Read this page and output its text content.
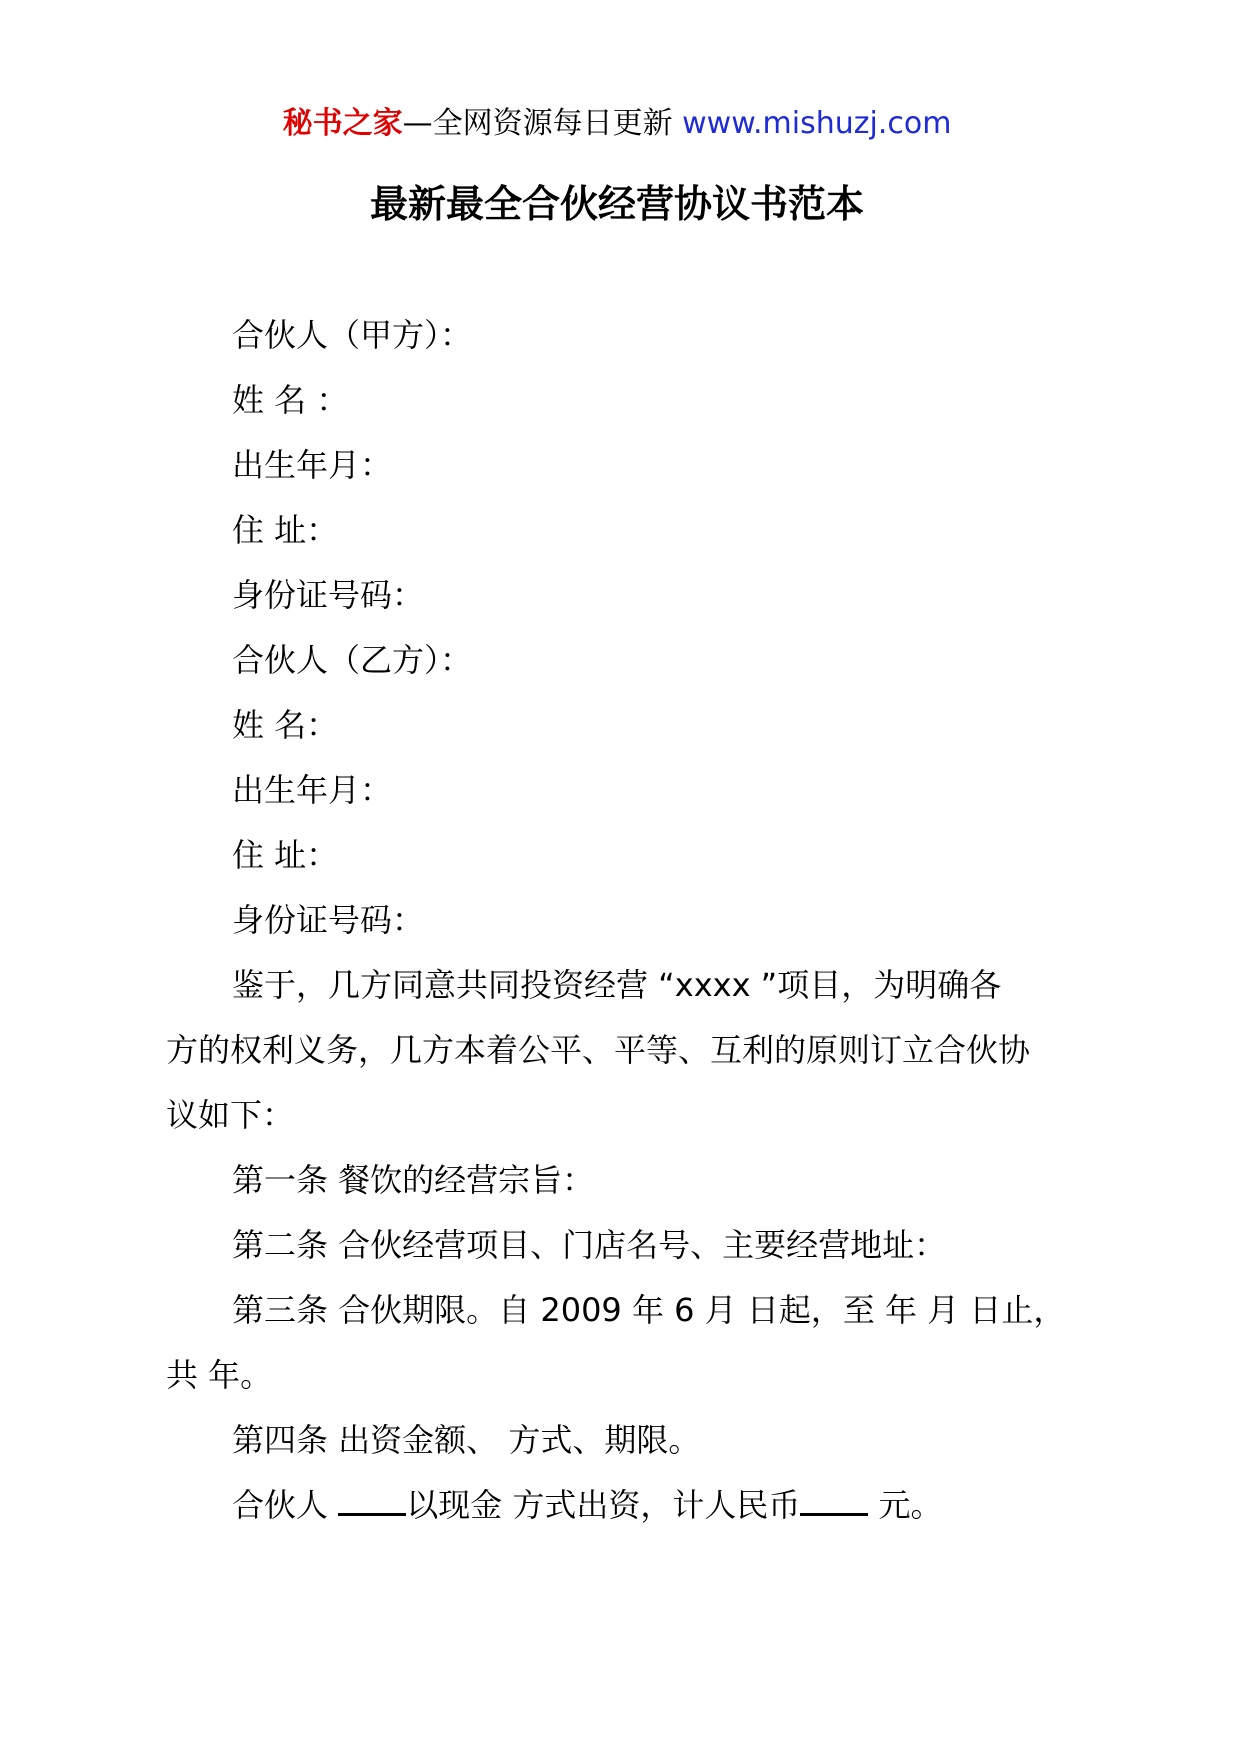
秘书之家—全网资源每日更新 www.mishuzj.com
最新最全合伙经营协议书范本
合伙人（甲方）：
姓 名 ：
出生年月：
住 址：
身份证号码：
合伙人（乙方）：
姓 名：
出生年月：
住 址：
身份证号码：
鉴于，几方同意共同投资经营 “xxxx ”项目，为明确各
方的权利义务，几方本着公平、平等、互利的原则订立合伙协
议如下：
第一条 餐饮的经营宗旨：
第二条 合伙经营项目、门店名号、主要经营地址：
第三条 合伙期限。自 2009 年 6 月 日起，至 年 月 日止，
共 年。
第四条 出资金额、 方式、期限。
合伙人 以现金 方式出资，计人民币 元。
